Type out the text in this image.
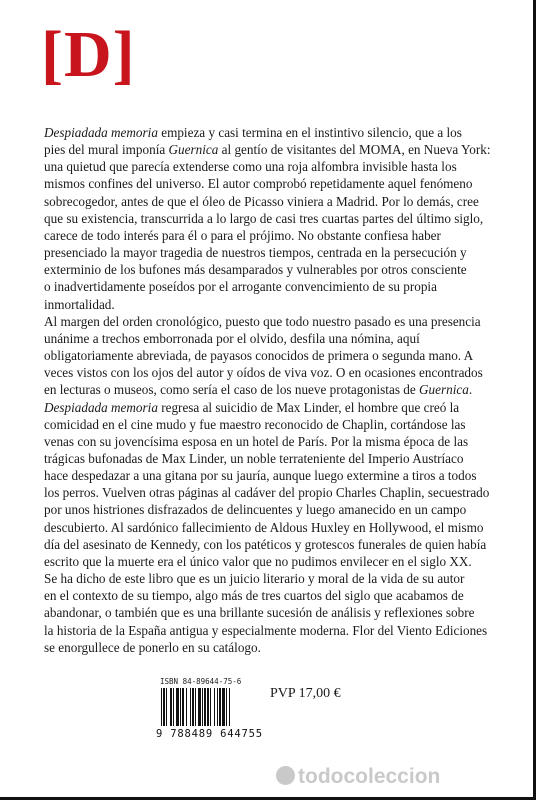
[D]
Despiadada memoria empieza y casi termina en el instintivo silencio, que a los
pies del mural imponía Guernica al gentío de visitantes del MOMA, en Nueva York:
una quietud que parecía extenderse como una roja alfombra invisible hasta los
mismos confines del universo. El autor comprobó repetidamente aquel fenómeno
sobrecogedor, antes de que el óleo de Picasso viniera a Madrid. Por lo demás, cree
que su existencia, transcurrida a lo largo de casi tres cuartas partes del último siglo,
carece de todo interés para él o para el prójimo. No obstante confiesa haber
presenciado la mayor tragedia de nuestros tiempos, centrada en la persecución y
exterminio de los bufones más desamparados y vulnerables por otros consciente
o inadvertidamente poseídos por el arrogante convencimiento de su propia
inmortalidad.
Al margen del orden cronológico, puesto que todo nuestro pasado es una presencia
unánime a trechos emborronada por el olvido, desfila una nómina, aquí
obligatoriamente abreviada, de payasos conocidos de primera o segunda mano. A
veces vistos con los ojos del autor y oídos de viva voz. O en ocasiones encontrados
en lecturas o museos, como sería el caso de los nueve protagonistas de Guernica.
Despiadada memoria regresa al suicidio de Max Linder, el hombre que creó la
comicidad en el cine mudo y fue maestro reconocido de Chaplin, cortándose las
venas con su jovencísima esposa en un hotel de París. Por la misma época de las
trágicas bufonadas de Max Linder, un noble terrateniente del Imperio Austríaco
hace despedazar a una gitana por su jauría, aunque luego extermine a tiros a todos
los perros. Vuelven otras páginas al cadáver del propio Charles Chaplin, secuestrado
por unos histriones disfrazados de delincuentes y luego amanecido en un campo
descubierto. Al sardónico fallecimiento de Aldous Huxley en Hollywood, el mismo
día del asesinato de Kennedy, con los patéticos y grotescos funerales de quien había
escrito que la muerte era el único valor que no pudimos envilecer en el siglo XX.
Se ha dicho de este libro que es un juicio literario y moral de la vida de su autor
en el contexto de su tiempo, algo más de tres cuartos del siglo que acabamos de
abandonar, o también que es una brillante sucesión de análisis y reflexiones sobre
la historia de la España antigua y especialmente moderna. Flor del Viento Ediciones
se enorgullece de ponerlo en su catálogo.
ISBN 84-89644-75-6
9 788489 644755
PVP 17,00 €
todocoleccion
